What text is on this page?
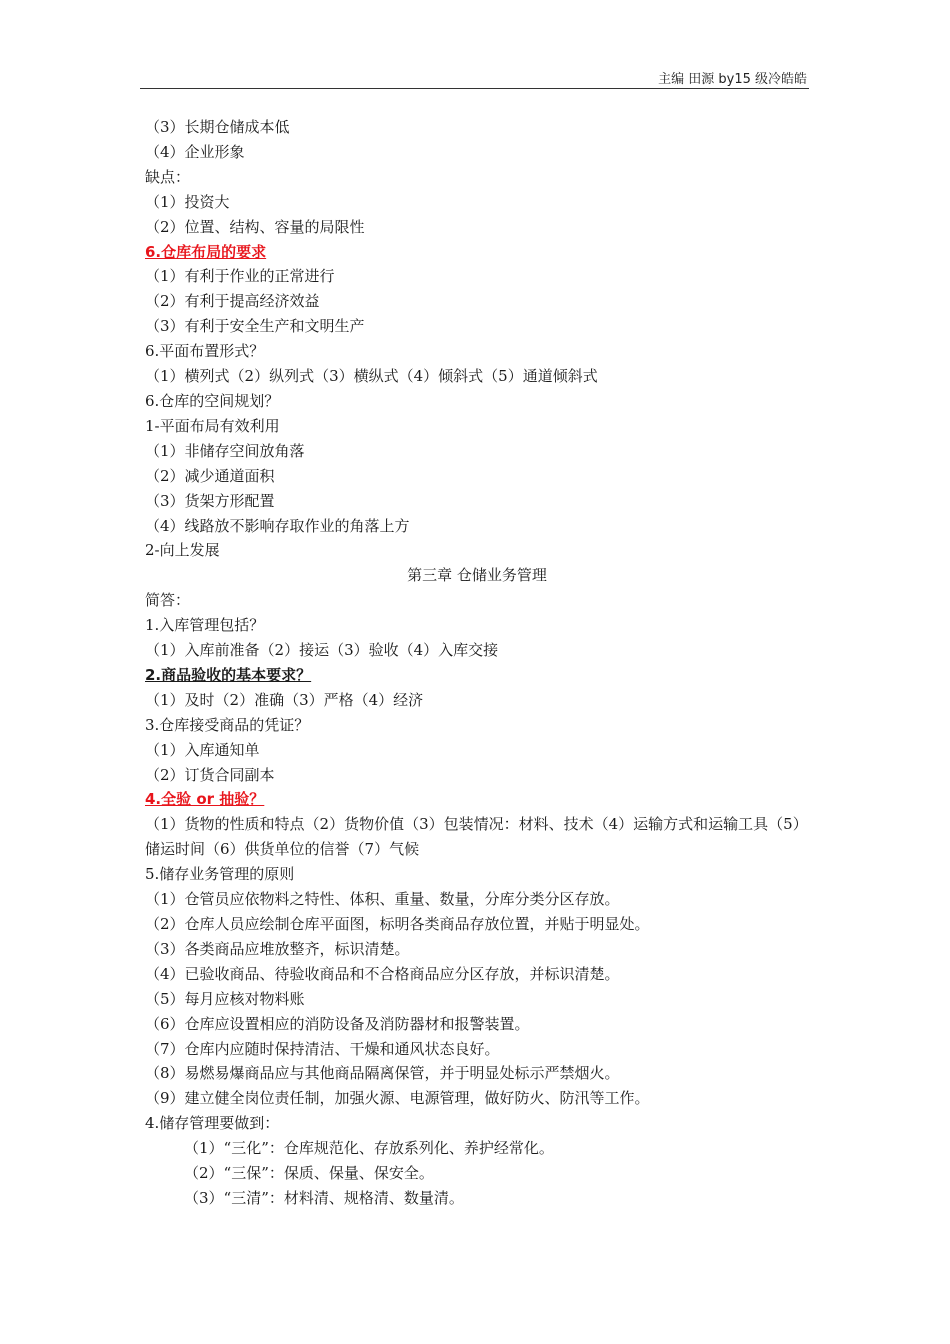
主编 田源 by15 级冷皓皓
（3）长期仓储成本低
（4）企业形象
缺点：
（1）投资大
（2）位置、结构、容量的局限性
6.仓库布局的要求
（1）有利于作业的正常进行
（2）有利于提高经济效益
（3）有利于安全生产和文明生产
6.平面布置形式？
（1）横列式（2）纵列式（3）横纵式（4）倾斜式（5）通道倾斜式
6.仓库的空间规划？
1-平面布局有效利用
（1）非储存空间放角落
（2）减少通道面积
（3）货架方形配置
（4）线路放不影响存取作业的角落上方
2-向上发展
第三章 仓储业务管理
简答：
1.入库管理包括？
（1）入库前准备（2）接运（3）验收（4）入库交接
2.商品验收的基本要求？
（1）及时（2）准确（3）严格（4）经济
3.仓库接受商品的凭证？
（1）入库通知单
（2）订货合同副本
4.全验 or 抽验？
（1）货物的性质和特点（2）货物价值（3）包装情况：材料、技术（4）运输方式和运输工具（5）储运时间（6）供货单位的信誉（7）气候
5.储存业务管理的原则
（1）仓管员应依物料之特性、体积、重量、数量，分库分类分区存放。
（2）仓库人员应绘制仓库平面图，标明各类商品存放位置，并贴于明显处。
（3）各类商品应堆放整齐，标识清楚。
（4）已验收商品、待验收商品和不合格商品应分区存放，并标识清楚。
（5）每月应核对物料账
（6）仓库应设置相应的消防设备及消防器材和报警装置。
（7）仓库内应随时保持清洁、干燥和通风状态良好。
（8）易燃易爆商品应与其他商品隔离保管，并于明显处标示严禁烟火。
（9）建立健全岗位责任制，加强火源、电源管理，做好防火、防汛等工作。
4.储存管理要做到：
（1）“三化”：仓库规范化、存放系列化、养护经常化。
（2）“三保”：保质、保量、保安全。
（3）“三清”：材料清、规格清、数量清。
